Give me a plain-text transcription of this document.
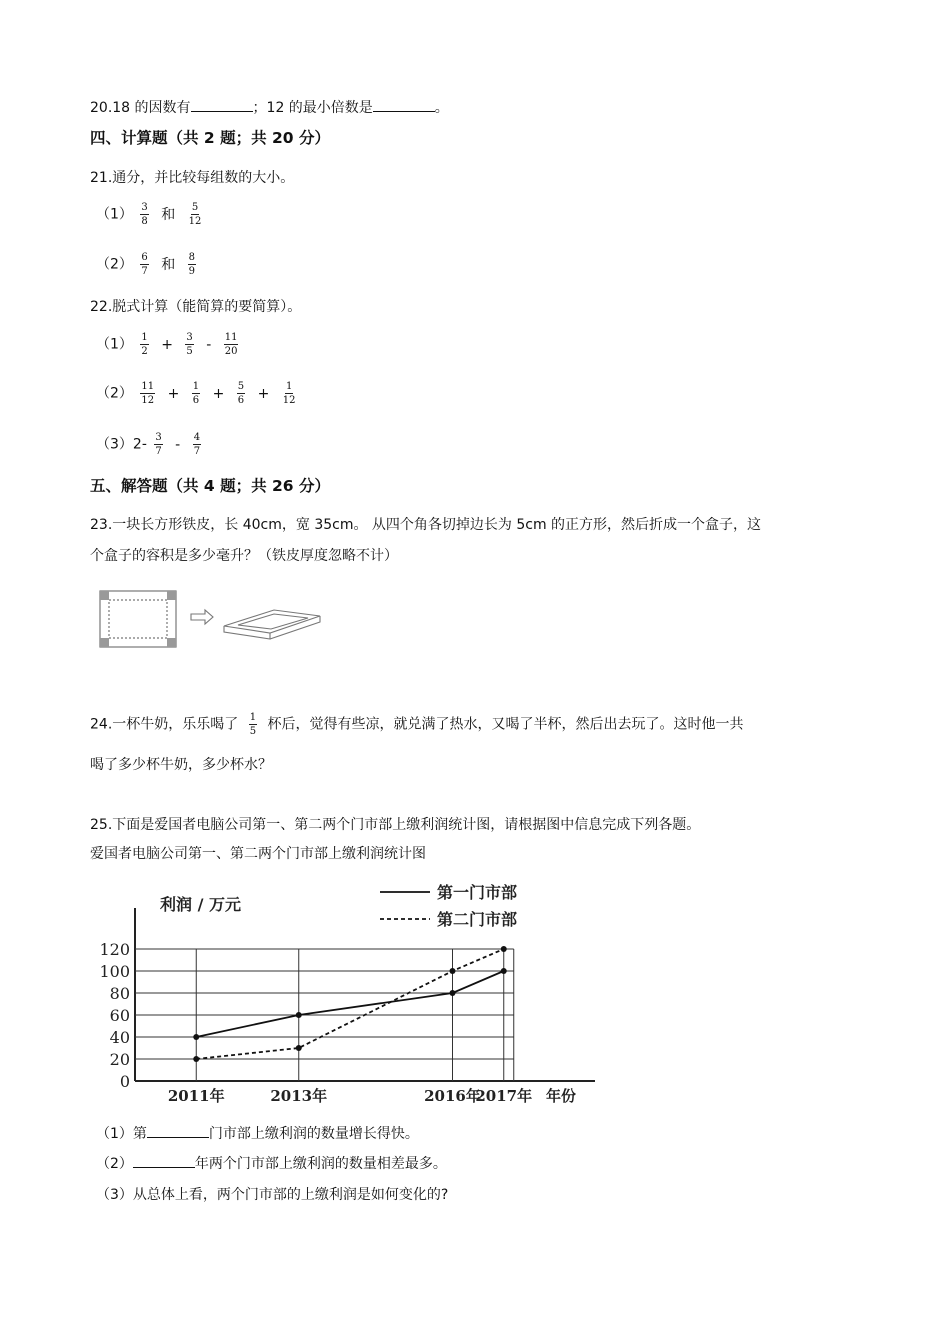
20.18 的因数有	；12 的最小倍数是	。
四、计算题（共 2 题；共 20 分）
21.通分，并比较每组数的大小。
$(1) \frac{3}{8}$ 和 $\frac{5}{12}$
$(2) \frac{6}{7}$ 和 $\frac{8}{9}$
22.脱式计算（能简算的要简算）。
$(1) \frac{1}{2} + \frac{3}{5} - \frac{11}{20}$
$(2) \frac{11}{12} + \frac{1}{6} + \frac{5}{6} + \frac{1}{12}$
$(3)2- \frac{3}{7} - \frac{4}{7}$
五、解答题（共 4 题；共 26 分）
23.一块长方形铁皮，长 40cm，宽 35cm。 从四个角各切掉边长为 5cm 的正方形，然后折成一个盒子，这
个盒子的容积是多少毫升？（铁皮厚度忽略不计）
24.一杯牛奶，乐乐喝了 $\frac{1}{5}$ 杯后，觉得有些凉，就兑满了热水，又喝了半杯，然后出去玩了。这时他一共
喝了多少杯牛奶，多少杯水？
25.下面是爱国者电脑公司第一、第二两个门市部上缴利润统计图，请根据图中信息完成下列各题。
爱国者电脑公司第一、第二两个门市部上缴利润统计图
0
20
40
60
80
100
120
2011年	2013年	2016年
2017年
利润 / 万元
年份
第一门市部
第二门市部
（1）第	门市部上缴利润的数量增长得快。
（2）	年两个门市部上缴利润的数量相差最多。
（3）从总体上看，两个门市部的上缴利润是如何变化的?
